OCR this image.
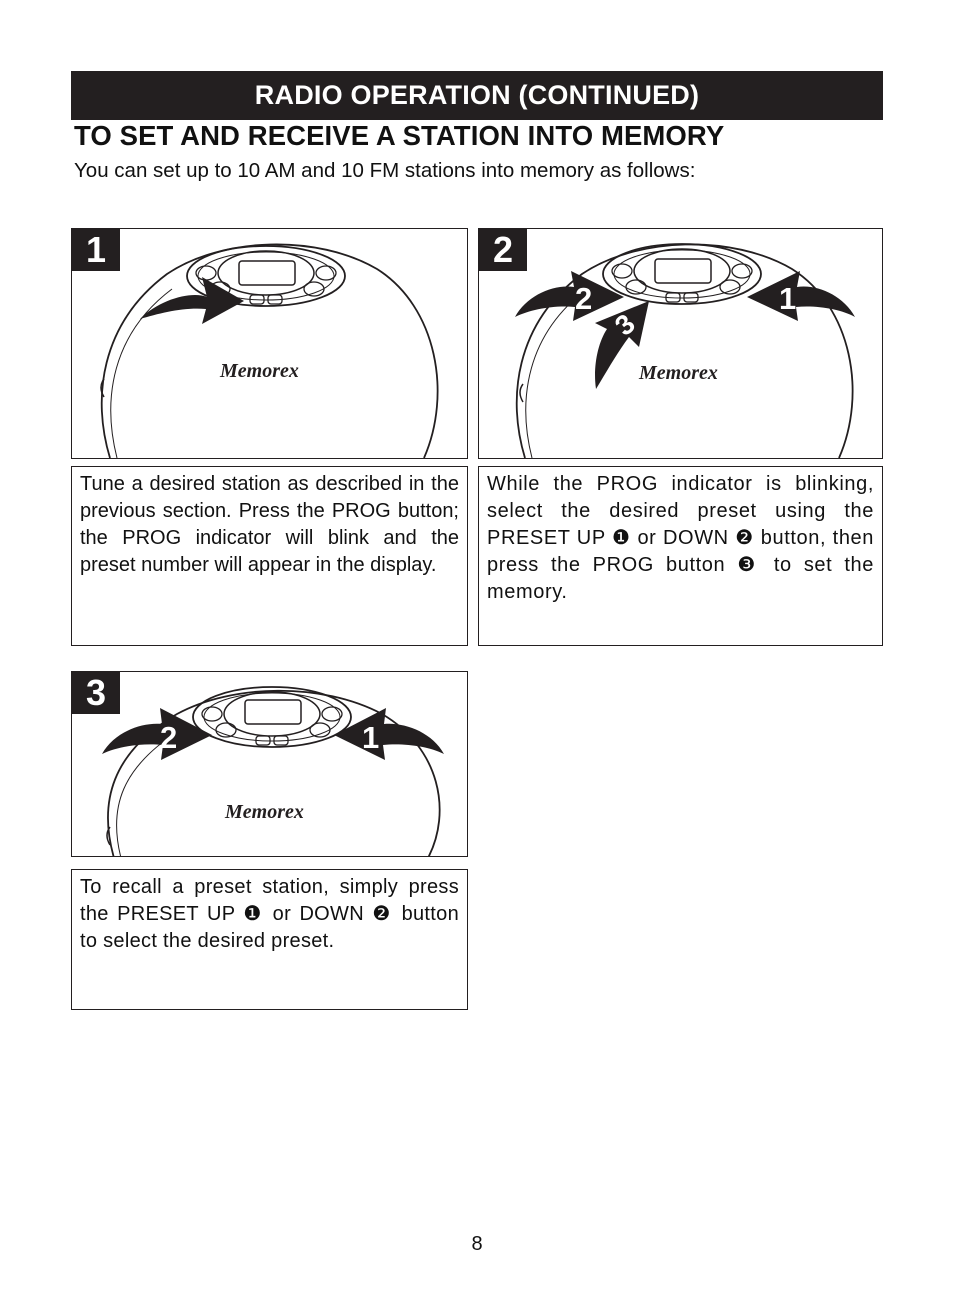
RADIO OPERATION (CONTINUED)
TO SET AND RECEIVE A STATION INTO MEMORY
You can set up to 10 AM and 10 FM stations into memory as follows:
Memorex
1
2	1
3
Memorex
2
Tune a desired station as described in the previous section. Press the PROG button; the PROG indicator will blink and the preset number will appear in the display.
While the PROG indicator is blinking, select the desired preset using the PRESET UP ❶ or DOWN ❷ button, then press the PROG button ❸ to set the memory.
2	1
Memorex
3
To recall a preset station, simply press the PRESET UP ❶ or DOWN ❷ button to select the desired preset.
8
